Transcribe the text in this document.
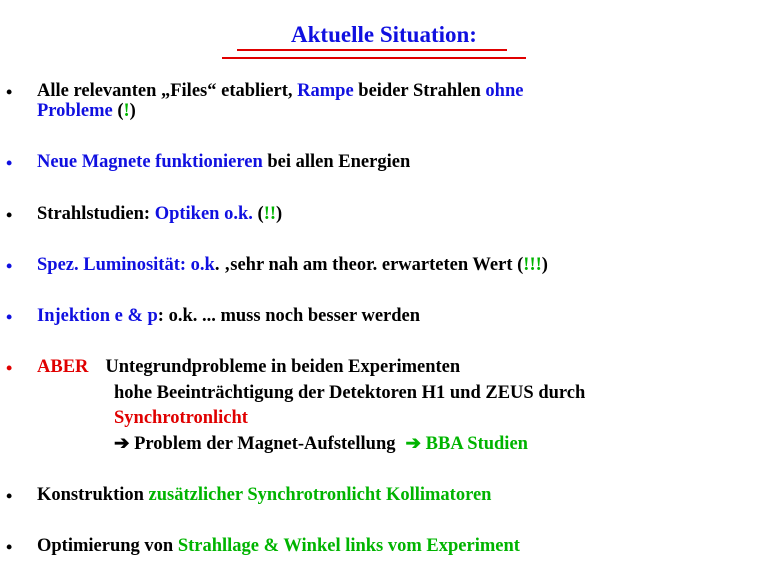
Aktuelle Situation:
• Alle relevanten „Files“ etabliert, Rampe beider Strahlen ohne
Probleme (!)
• Neue Magnete funktionieren bei allen Energien
• Strahlstudien: Optiken o.k. (!!)
• Spez. Luminosität: o.k. ‚sehr nah am theor. erwarteten Wert (!!!)
• Injektion e & p: o.k. ... muss noch besser werden
• ABER Untegrundprobleme in beiden Experimenten
hohe Beeinträchtigung der Detektoren H1 und ZEUS durch
Synchrotronlicht
➔ Problem der Magnet-Aufstellung ➔ BBA Studien
• Konstruktion zusätzlicher Synchrotronlicht Kollimatoren
• Optimierung von Strahllage & Winkel links vom Experiment
